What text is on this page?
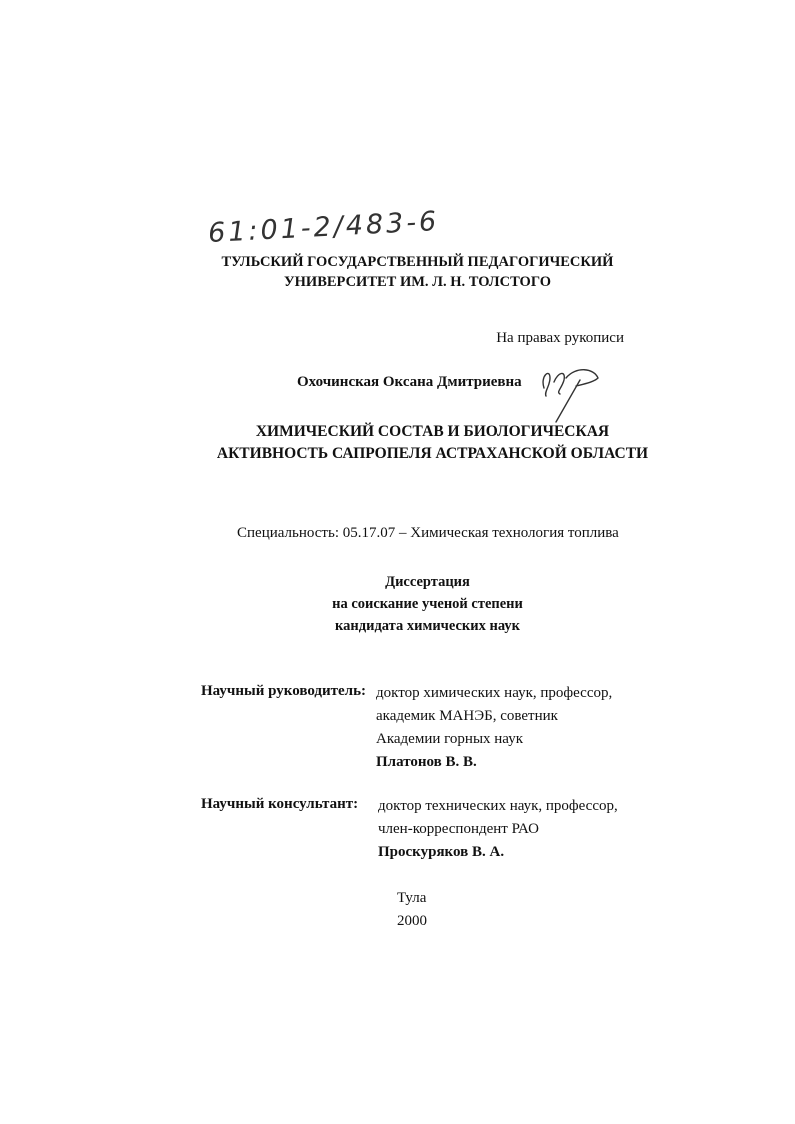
61:01-2/483-6
ТУЛЬСКИЙ ГОСУДАРСТВЕННЫЙ ПЕДАГОГИЧЕСКИЙ
УНИВЕРСИТЕТ ИМ. Л. Н. ТОЛСТОГО
На правах рукописи
Охочинская Оксана Дмитриевна
ХИМИЧЕСКИЙ СОСТАВ И БИОЛОГИЧЕСКАЯ
АКТИВНОСТЬ САПРОПЕЛЯ АСТРАХАНСКОЙ ОБЛАСТИ
Специальность: 05.17.07 – Химическая технология топлива
Диссертация
на соискание ученой степени
кандидата химических наук
Научный руководитель: доктор химических наук, профессор,
академик МАНЭБ, советник
Академии горных наук
Платонов В. В.
Научный консультант: доктор технических наук, профессор,
член-корреспондент РАО
Проскуряков В. А.
Тула
2000
